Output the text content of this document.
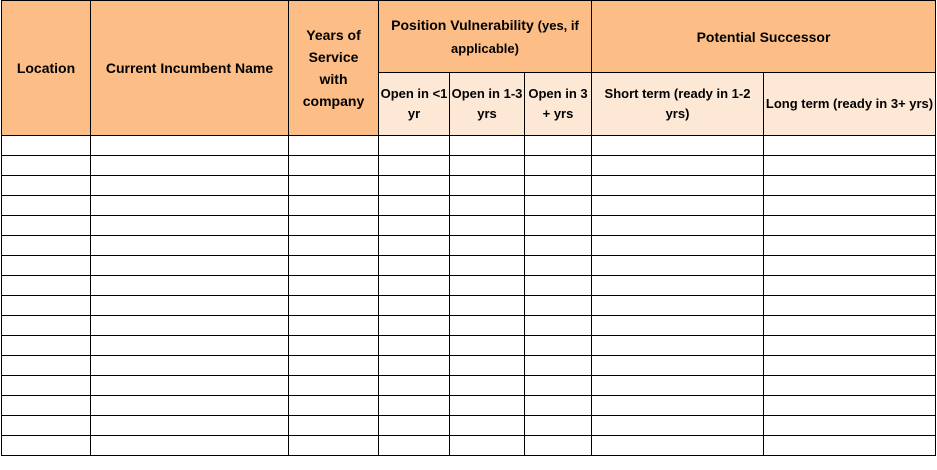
Location	Current Incumbent Name	Years of Service with company	Position Vulnerability (yes, if applicable)			Potential Successor	
			Open in <1 yr	Open in 1-3 yrs	Open in 3 + yrs	Short term (ready in 1-2 yrs)	Long term (ready in 3+ yrs)
